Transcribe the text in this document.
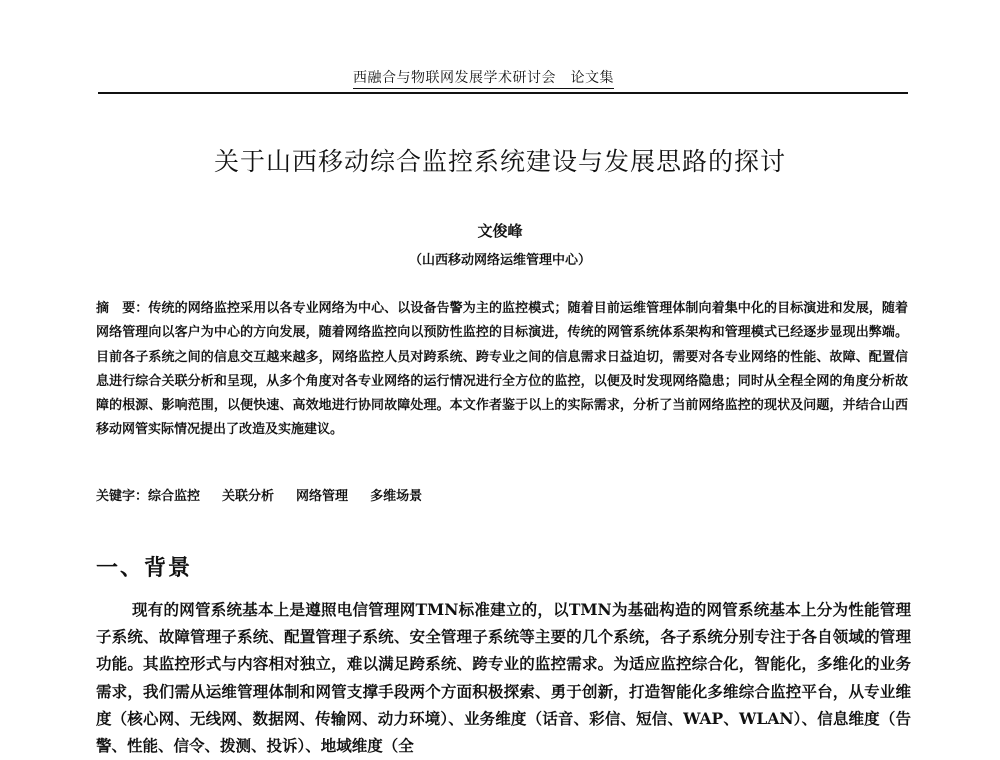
西融合与物联网发展学术研讨会　论文集
关于山西移动综合监控系统建设与发展思路的探讨
文俊峰
（山西移动网络运维管理中心）
摘　要：传统的网络监控采用以各专业网络为中心、以设备告警为主的监控模式；随着目前运维管理体制向着集中化的目标演进和发展，随着网络管理向以客户为中心的方向发展，随着网络监控向以预防性监控的目标演进，传统的网管系统体系架构和管理模式已经逐步显现出弊端。目前各子系统之间的信息交互越来越多，网络监控人员对跨系统、跨专业之间的信息需求日益迫切，需要对各专业网络的性能、故障、配置信息进行综合关联分析和呈现，从多个角度对各专业网络的运行情况进行全方位的监控，以便及时发现网络隐患；同时从全程全网的角度分析故障的根源、影响范围，以便快速、高效地进行协同故障处理。本文作者鉴于以上的实际需求，分析了当前网络监控的现状及问题，并结合山西移动网管实际情况提出了改造及实施建议。
关键字：综合监控 关联分析 网络管理 多维场景
一、背景
现有的网管系统基本上是遵照电信管理网TMN标准建立的，以TMN为基础构造的网管系统基本上分为性能管理子系统、故障管理子系统、配置管理子系统、安全管理子系统等主要的几个系统，各子系统分别专注于各自领域的管理功能。其监控形式与内容相对独立，难以满足跨系统、跨专业的监控需求。为适应监控综合化，智能化，多维化的业务需求，我们需从运维管理体制和网管支撑手段两个方面积极探索、勇于创新，打造智能化多维综合监控平台，从专业维度（核心网、无线网、数据网、传输网、动力环境）、业务维度（话音、彩信、短信、WAP、WLAN）、信息维度（告警、性能、信令、拨测、投诉）、地域维度（全
